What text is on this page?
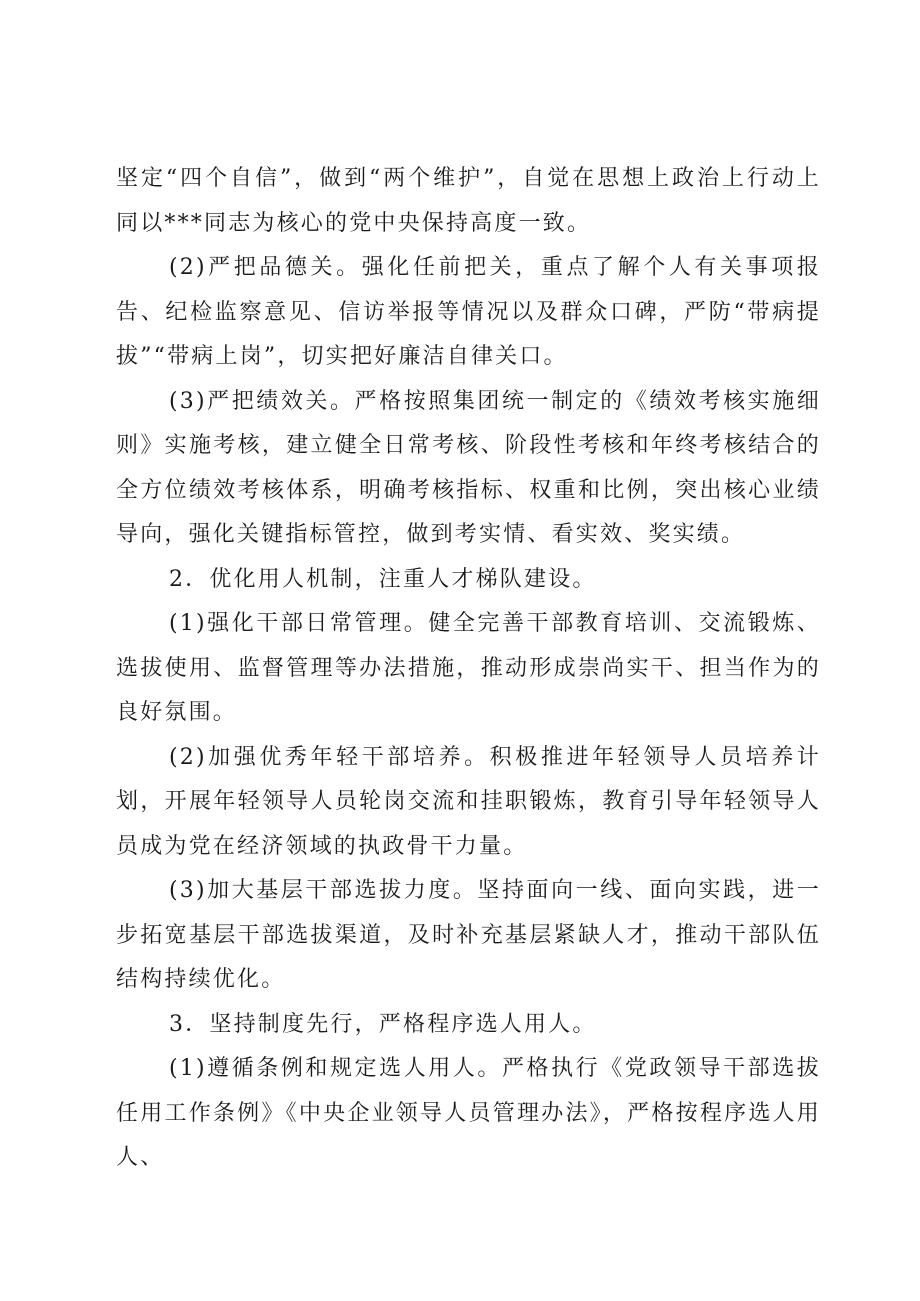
坚定“四个自信”，做到“两个维护”，自觉在思想上政治上行动上同以***同志为核心的党中央保持高度一致。

(2)严把品德关。强化任前把关，重点了解个人有关事项报告、纪检监察意见、信访举报等情况以及群众口碑，严防“带病提拔”“带病上岗”，切实把好廉洁自律关口。

(3)严把绩效关。严格按照集团统一制定的《绩效考核实施细则》实施考核，建立健全日常考核、阶段性考核和年终考核结合的全方位绩效考核体系，明确考核指标、权重和比例，突出核心业绩导向，强化关键指标管控，做到考实情、看实效、奖实绩。

2．优化用人机制，注重人才梯队建设。

(1)强化干部日常管理。健全完善干部教育培训、交流锻炼、选拔使用、监督管理等办法措施，推动形成崇尚实干、担当作为的良好氛围。

(2)加强优秀年轻干部培养。积极推进年轻领导人员培养计划，开展年轻领导人员轮岗交流和挂职锻炼，教育引导年轻领导人员成为党在经济领域的执政骨干力量。

(3)加大基层干部选拔力度。坚持面向一线、面向实践，进一步拓宽基层干部选拔渠道，及时补充基层紧缺人才，推动干部队伍结构持续优化。

3．坚持制度先行，严格程序选人用人。

(1)遵循条例和规定选人用人。严格执行《党政领导干部选拔任用工作条例》《中央企业领导人员管理办法》，严格按程序选人用人、
